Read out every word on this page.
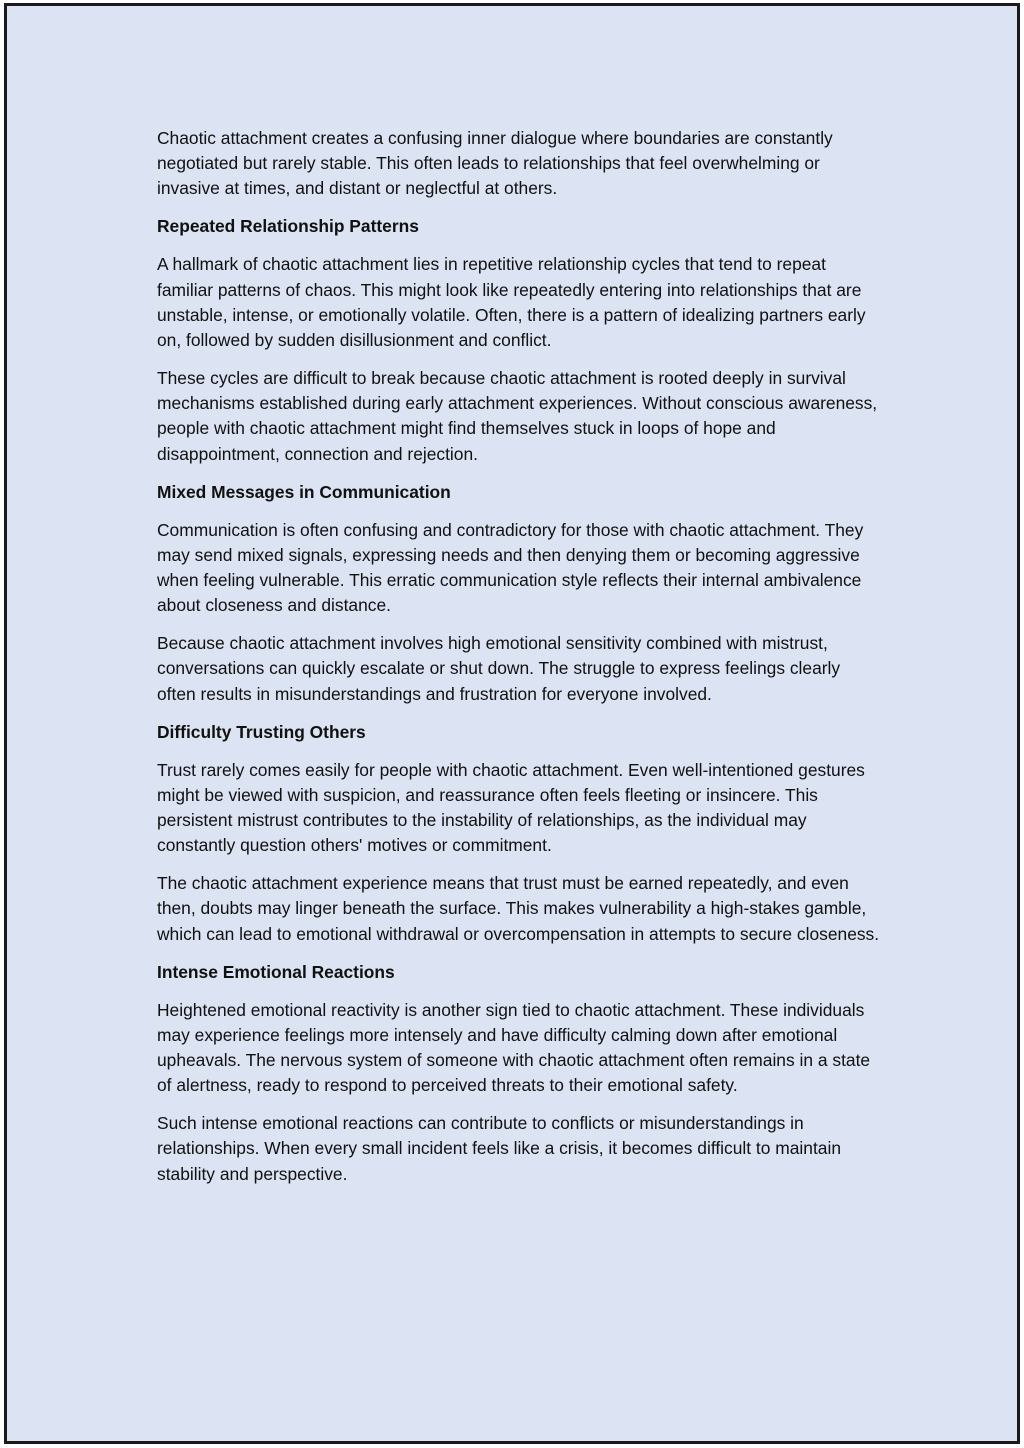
Chaotic attachment creates a confusing inner dialogue where boundaries are constantly negotiated but rarely stable. This often leads to relationships that feel overwhelming or invasive at times, and distant or neglectful at others.

Repeated Relationship Patterns

A hallmark of chaotic attachment lies in repetitive relationship cycles that tend to repeat familiar patterns of chaos. This might look like repeatedly entering into relationships that are unstable, intense, or emotionally volatile. Often, there is a pattern of idealizing partners early on, followed by sudden disillusionment and conflict.

These cycles are difficult to break because chaotic attachment is rooted deeply in survival mechanisms established during early attachment experiences. Without conscious awareness, people with chaotic attachment might find themselves stuck in loops of hope and disappointment, connection and rejection.

Mixed Messages in Communication

Communication is often confusing and contradictory for those with chaotic attachment. They may send mixed signals, expressing needs and then denying them or becoming aggressive when feeling vulnerable. This erratic communication style reflects their internal ambivalence about closeness and distance.

Because chaotic attachment involves high emotional sensitivity combined with mistrust, conversations can quickly escalate or shut down. The struggle to express feelings clearly often results in misunderstandings and frustration for everyone involved.

Difficulty Trusting Others

Trust rarely comes easily for people with chaotic attachment. Even well-intentioned gestures might be viewed with suspicion, and reassurance often feels fleeting or insincere. This persistent mistrust contributes to the instability of relationships, as the individual may constantly question others' motives or commitment.

The chaotic attachment experience means that trust must be earned repeatedly, and even then, doubts may linger beneath the surface. This makes vulnerability a high-stakes gamble, which can lead to emotional withdrawal or overcompensation in attempts to secure closeness.

Intense Emotional Reactions

Heightened emotional reactivity is another sign tied to chaotic attachment. These individuals may experience feelings more intensely and have difficulty calming down after emotional upheavals. The nervous system of someone with chaotic attachment often remains in a state of alertness, ready to respond to perceived threats to their emotional safety.

Such intense emotional reactions can contribute to conflicts or misunderstandings in relationships. When every small incident feels like a crisis, it becomes difficult to maintain stability and perspective.
